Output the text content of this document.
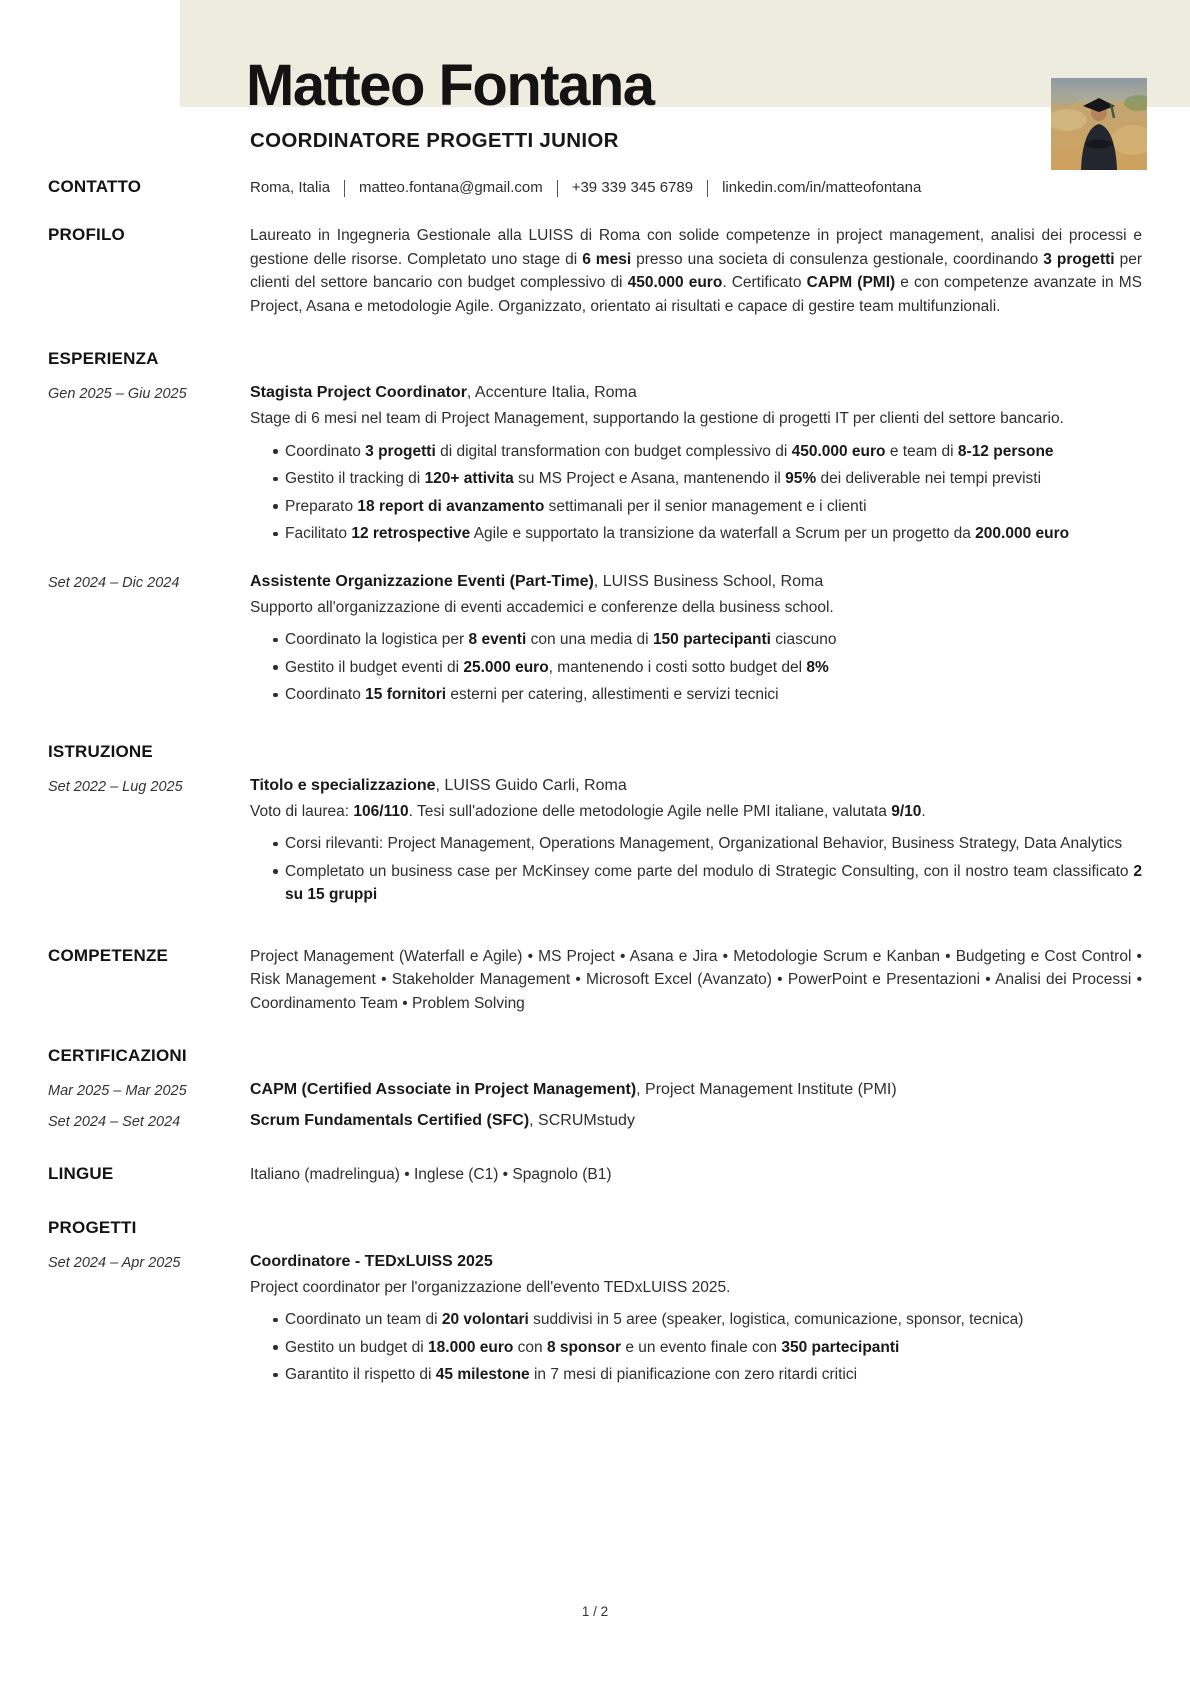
Matteo Fontana
COORDINATORE PROGETTI JUNIOR
CONTATTO	Roma, Italia matteo.fontana@gmail.com +39 339 345 6789 linkedin.com/in/matteofontana
PROFILO	Laureato in Ingegneria Gestionale alla LUISS di Roma con solide competenze in project management, analisi dei processi e gestione delle risorse. Completato uno stage di 6 mesi presso una societa di consulenza gestionale, coordinando 3 progetti per clienti del settore bancario con budget complessivo di 450.000 euro. Certificato CAPM (PMI) e con competenze avanzate in MS Project, Asana e metodologie Agile. Organizzato, orientato ai risultati e capace di gestire team multifunzionali.
ESPERIENZA
Gen 2025 – Giu 2025	Stagista Project Coordinator, Accenture Italia, Roma
Stage di 6 mesi nel team di Project Management, supportando la gestione di progetti IT per clienti del settore bancario.
Coordinato 3 progetti di digital transformation con budget complessivo di 450.000 euro e team di 8-12 persone
Gestito il tracking di 120+ attivita su MS Project e Asana, mantenendo il 95% dei deliverable nei tempi previsti
Preparato 18 report di avanzamento settimanali per il senior management e i clienti
Facilitato 12 retrospective Agile e supportato la transizione da waterfall a Scrum per un progetto da 200.000 euro
Set 2024 – Dic 2024	Assistente Organizzazione Eventi (Part-Time), LUISS Business School, Roma
Supporto all'organizzazione di eventi accademici e conferenze della business school.
Coordinato la logistica per 8 eventi con una media di 150 partecipanti ciascuno
Gestito il budget eventi di 25.000 euro, mantenendo i costi sotto budget del 8%
Coordinato 15 fornitori esterni per catering, allestimenti e servizi tecnici
ISTRUZIONE
Set 2022 – Lug 2025	Titolo e specializzazione, LUISS Guido Carli, Roma
Voto di laurea: 106/110. Tesi sull'adozione delle metodologie Agile nelle PMI italiane, valutata 9/10.
Corsi rilevanti: Project Management, Operations Management, Organizational Behavior, Business Strategy, Data Analytics
Completato un business case per McKinsey come parte del modulo di Strategic Consulting, con il nostro team classificato 2 su 15 gruppi
COMPETENZE	Project Management (Waterfall e Agile) • MS Project • Asana e Jira • Metodologie Scrum e Kanban • Budgeting e Cost Control • Risk Management • Stakeholder Management • Microsoft Excel (Avanzato) • PowerPoint e Presentazioni • Analisi dei Processi • Coordinamento Team • Problem Solving
CERTIFICAZIONI
Mar 2025 – Mar 2025	CAPM (Certified Associate in Project Management), Project Management Institute (PMI)
Set 2024 – Set 2024	Scrum Fundamentals Certified (SFC), SCRUMstudy
LINGUE	Italiano (madrelingua) • Inglese (C1) • Spagnolo (B1)
PROGETTI
Set 2024 – Apr 2025	Coordinatore - TEDxLUISS 2025
Project coordinator per l'organizzazione dell'evento TEDxLUISS 2025.
Coordinato un team di 20 volontari suddivisi in 5 aree (speaker, logistica, comunicazione, sponsor, tecnica)
Gestito un budget di 18.000 euro con 8 sponsor e un evento finale con 350 partecipanti
Garantito il rispetto di 45 milestone in 7 mesi di pianificazione con zero ritardi critici
1 / 2
